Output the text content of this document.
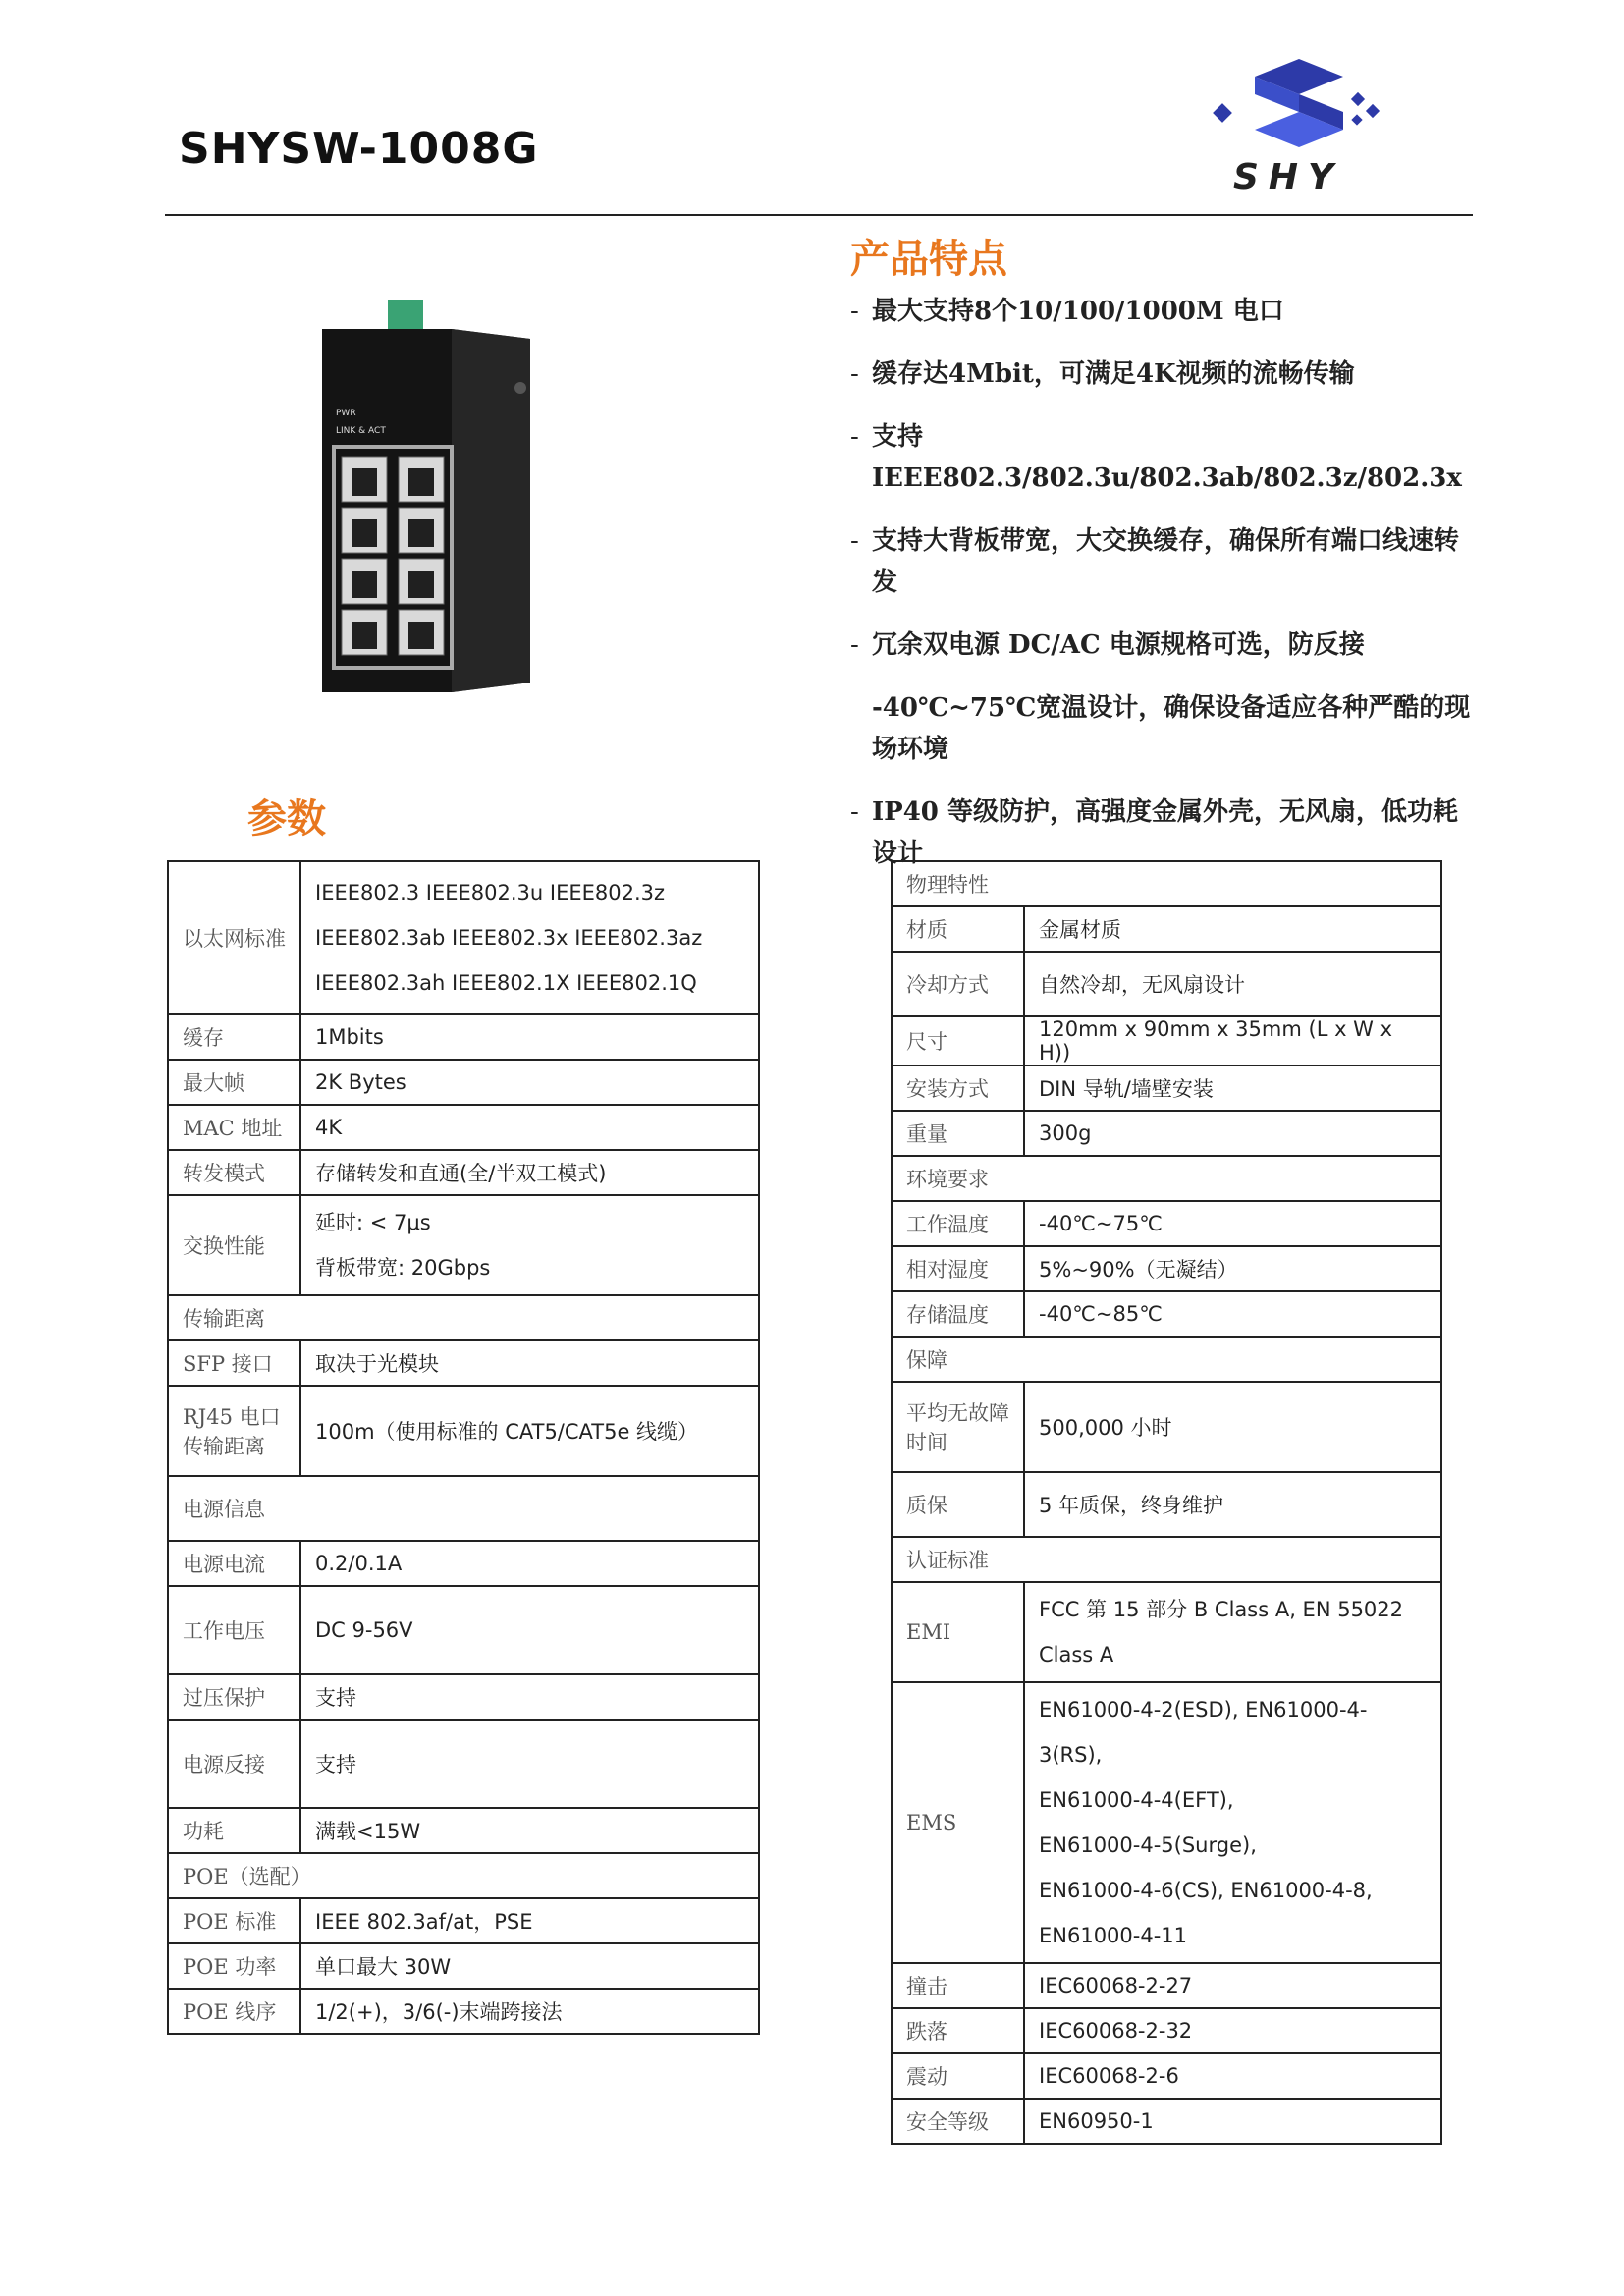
SHYSW-1008G
SHY
PWR
LINK & ACT
产品特点
- 最大支持8个10/100/1000M 电口
- 缓存达4Mbit，可满足4K视频的流畅传输
- 支持IEEE802.3/802.3u/802.3ab/802.3z/802.3x
- 支持大背板带宽，大交换缓存，确保所有端口线速转发
- 冗余双电源 DC/AC 电源规格可选，防反接
-40℃~75℃宽温设计，确保设备适应各种严酷的现场环境
- IP40 等级防护，高强度金属外壳，无风扇，低功耗设计
参数
以太网标准	IEEE802.3 IEEE802.3u IEEE802.3z
IEEE802.3ab IEEE802.3x IEEE802.3az
IEEE802.3ah IEEE802.1X IEEE802.1Q

缓存	1Mbits

最大帧	2K Bytes

MAC 地址	4K

转发模式	存储转发和直通(全/半双工模式)

交换性能	延时: < 7μs
背板带宽: 20Gbps

传输距离	
SFP 接口	取决于光模块

RJ45 电口传输距离	100m（使用标准的 CAT5/CAT5e 线缆）

电源信息	
电源电流	0.2/0.1A

工作电压	DC 9-56V

过压保护	支持

电源反接	支持

功耗	满载<15W

POE（选配）	
POE 标准	IEEE 802.3af/at，PSE

POE 功率	单口最大 30W

POE 线序	1/2(+)，3/6(-)末端跨接法
物理特性	
材质	金属材质

冷却方式	自然冷却，无风扇设计

尺寸	120mm x 90mm x 35mm (L x W x H))

安装方式	DIN 导轨/墙壁安装

重量	300g

环境要求	
工作温度	-40℃~75℃

相对湿度	5%~90%（无凝结）

存储温度	-40℃~85℃

保障	
平均无故障时间	500,000 小时

质保	5 年质保，终身维护

认证标准	
EMI	FCC 第 15 部分 B Class A, EN 55022
Class A

EMS	EN61000-4-2(ESD), EN61000-4-3(RS),
EN61000-4-4(EFT),
EN61000-4-5(Surge),
EN61000-4-6(CS), EN61000-4-8,
EN61000-4-11

撞击	IEC60068-2-27

跌落	IEC60068-2-32

震动	IEC60068-2-6

安全等级	EN60950-1
